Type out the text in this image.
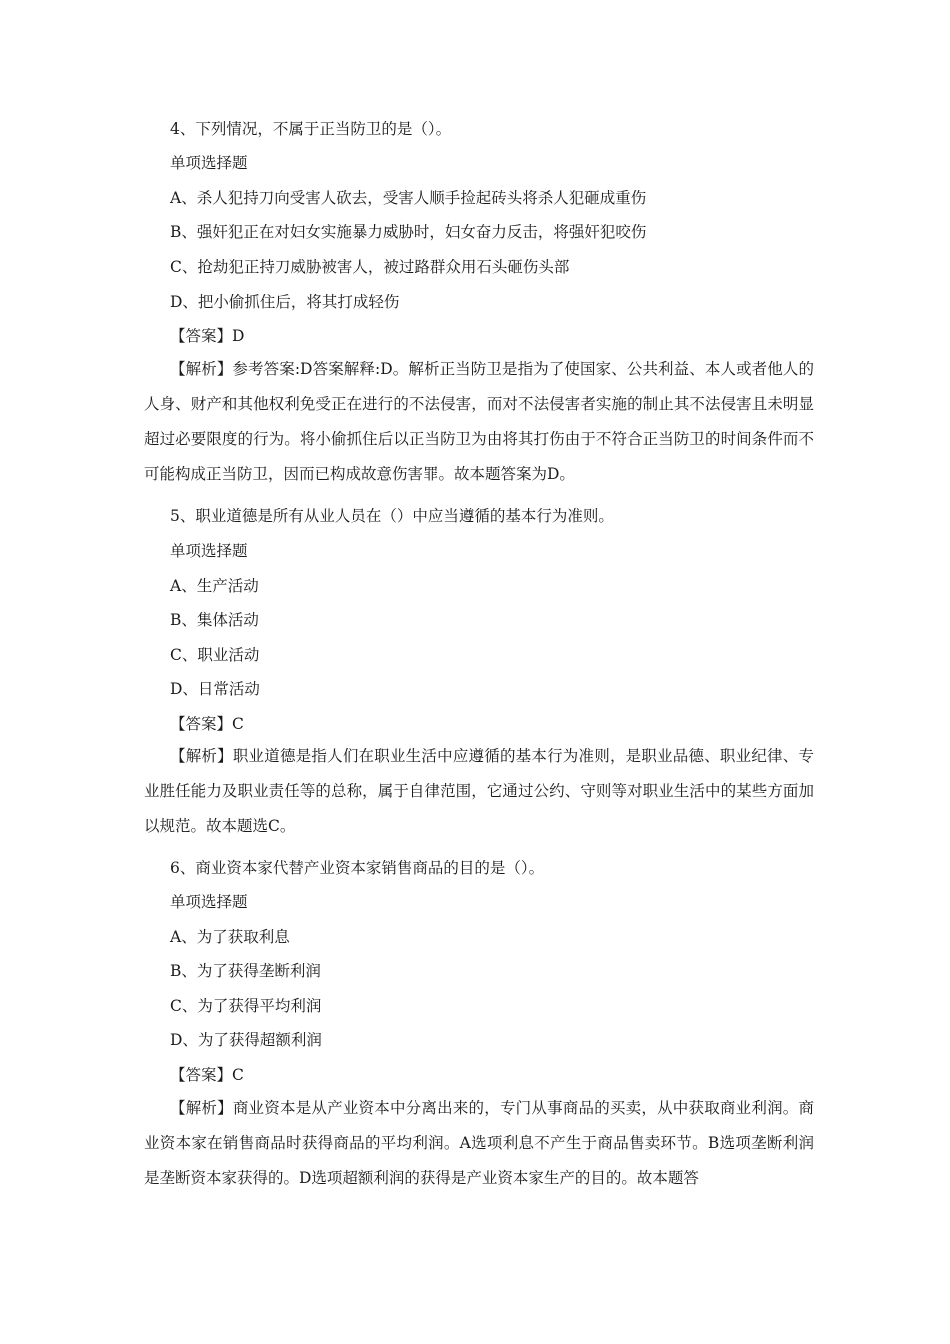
4、下列情况，不属于正当防卫的是（）。
单项选择题
A、杀人犯持刀向受害人砍去，受害人顺手捡起砖头将杀人犯砸成重伤
B、强奸犯正在对妇女实施暴力威胁时，妇女奋力反击，将强奸犯咬伤
C、抢劫犯正持刀威胁被害人，被过路群众用石头砸伤头部
D、把小偷抓住后，将其打成轻伤
【答案】D
【解析】参考答案:D答案解释:D。解析正当防卫是指为了使国家、公共利益、本人或者他人的人身、财产和其他权利免受正在进行的不法侵害，而对不法侵害者实施的制止其不法侵害且未明显超过必要限度的行为。将小偷抓住后以正当防卫为由将其打伤由于不符合正当防卫的时间条件而不可能构成正当防卫，因而已构成故意伤害罪。故本题答案为D。
5、职业道德是所有从业人员在（）中应当遵循的基本行为准则。
单项选择题
A、生产活动
B、集体活动
C、职业活动
D、日常活动
【答案】C
【解析】职业道德是指人们在职业生活中应遵循的基本行为准则，是职业品德、职业纪律、专业胜任能力及职业责任等的总称，属于自律范围，它通过公约、守则等对职业生活中的某些方面加以规范。故本题选C。
6、商业资本家代替产业资本家销售商品的目的是（）。
单项选择题
A、为了获取利息
B、为了获得垄断利润
C、为了获得平均利润
D、为了获得超额利润
【答案】C
【解析】商业资本是从产业资本中分离出来的，专门从事商品的买卖，从中获取商业利润。商业资本家在销售商品时获得商品的平均利润。A选项利息不产生于商品售卖环节。B选项垄断利润是垄断资本家获得的。D选项超额利润的获得是产业资本家生产的目的。故本题答
